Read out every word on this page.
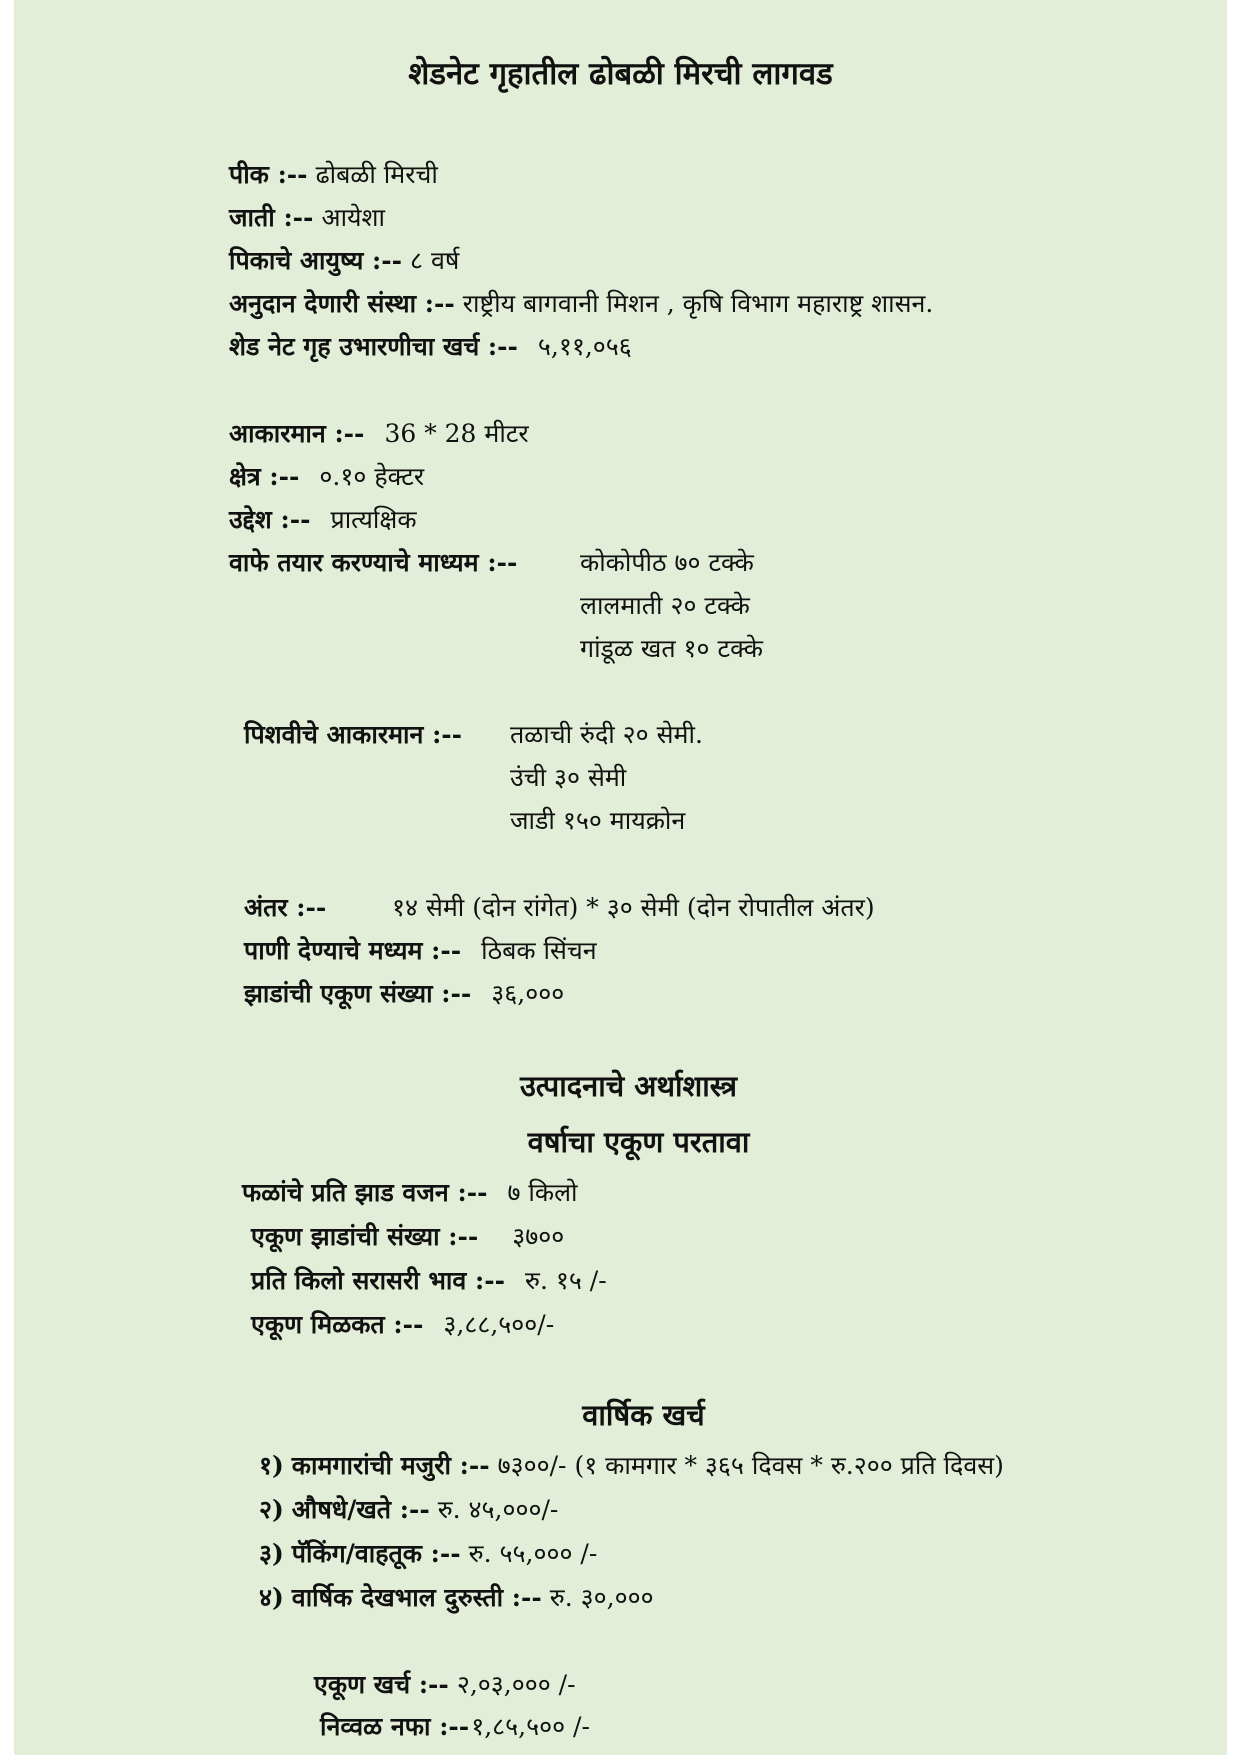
शेडनेट गृहातील ढोबळी मिरची लागवड
पीक :-- ढोबळी मिरची
जाती :-- आयेशा
पिकाचे आयुष्य :-- ८ वर्ष
अनुदान देणारी संस्था :-- राष्ट्रीय बागवानी मिशन , कृषि विभाग महाराष्ट्र शासन.
शेड नेट गृह उभारणीचा खर्च :-- ५,११,०५६
आकारमान :-- 36 * 28 मीटर
क्षेत्र :-- ०.१० हेक्टर
उद्देश :-- प्रात्यक्षिक
वाफे तयार करण्याचे माध्यम :--	कोकोपीठ ७० टक्के
लालमाती २० टक्के
गांडूळ खत १० टक्के
पिशवीचे आकारमान :-- तळाची रुंदी २० सेमी.
उंची ३० सेमी
जाडी १५० मायक्रोन
अंतर :--	१४ सेमी (दोन रांगेत) * ३० सेमी (दोन रोपातील अंतर)
पाणी देण्याचे मध्यम :-- ठिबक सिंचन
झाडांची एकूण संख्या :-- ३६,०००
उत्पादनाचे अर्थाशास्त्र
वर्षाचा एकूण परतावा
फळांचे प्रति झाड वजन :-- ७ किलो
एकूण झाडांची संख्या :-- ३७००
प्रति किलो सरासरी भाव :-- रु. १५ /-
एकूण मिळकत :-- ३,८८,५००/-
वार्षिक खर्च
१) कामगारांची मजुरी :-- ७३००/- (१ कामगार * ३६५ दिवस * रु.२०० प्रति दिवस)
२) औषधे/खते :-- रु. ४५,०००/-
३) पॅकिंग/वाहतूक :-- रु. ५५,००० /-
४) वार्षिक देखभाल दुरुस्ती :-- रु. ३०,०००
एकूण खर्च :-- २,०३,००० /-
निव्वळ नफा :--१,८५,५०० /-
